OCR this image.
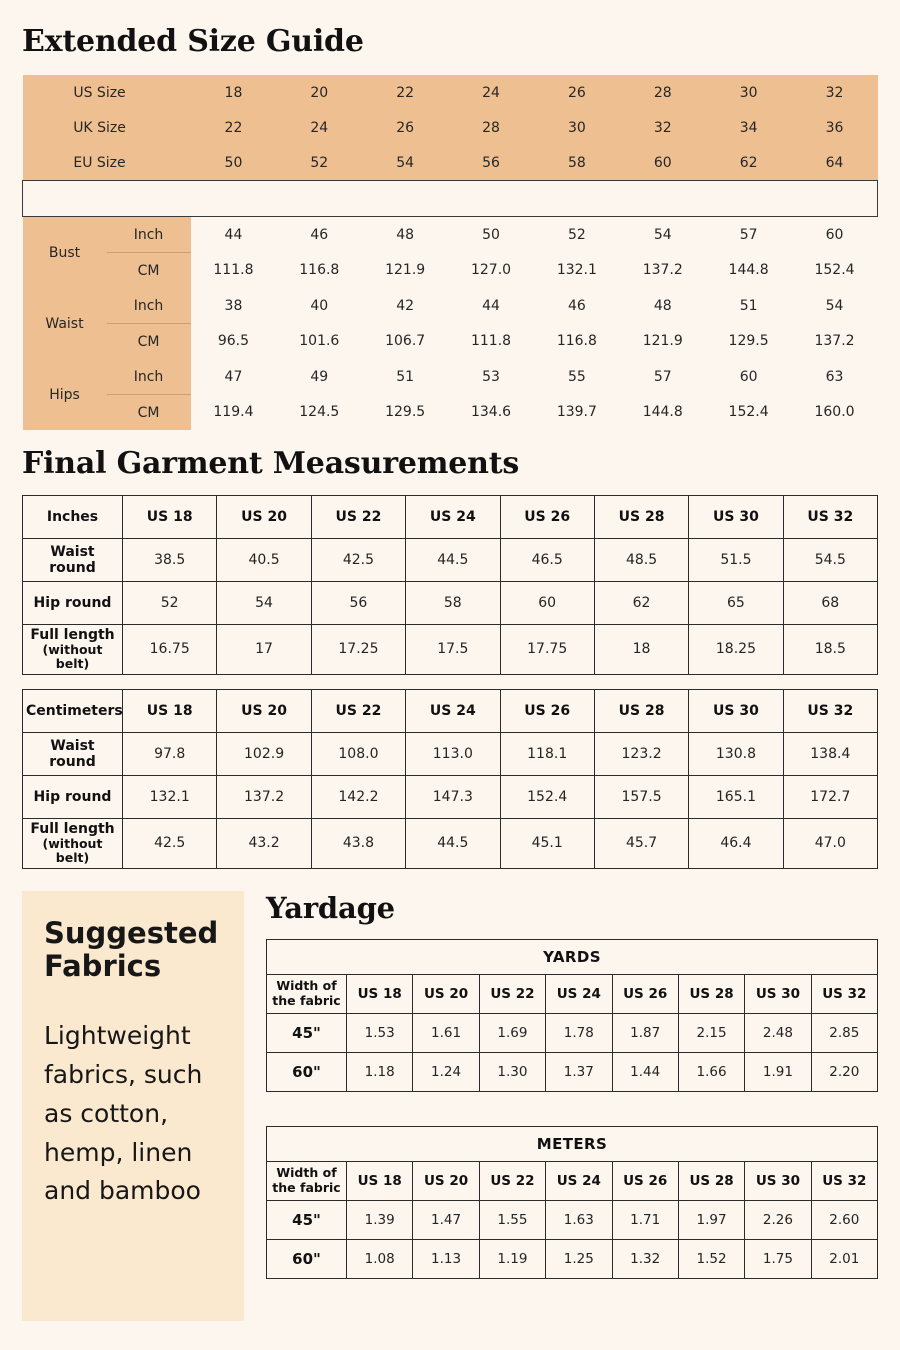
Extended Size Guide
US Size		18	20	22	24	26	28	30	32
UK Size		22	24	26	28	30	32	34	36
EU Size		50	52	54	56	58	60	62	64

Bust	Inch	44	46	48	50	52	54	57	60
	CM	111.8	116.8	121.9	127.0	132.1	137.2	144.8	152.4
Waist	Inch	38	40	42	44	46	48	51	54
	CM	96.5	101.6	106.7	111.8	116.8	121.9	129.5	137.2
Hips	Inch	47	49	51	53	55	57	60	63
	CM	119.4	124.5	129.5	134.6	139.7	144.8	152.4	160.0
Final Garment Measurements
Inches	US 18	US 20	US 22	US 24	US 26	US 28	US 30	US 32
Waist round	38.5	40.5	42.5	44.5	46.5	48.5	51.5	54.5
Hip round	52	54	56	58	60	62	65	68
Full length
(without belt)	16.75	17	17.25	17.5	17.75	18	18.25	18.5
Centimeters	US 18	US 20	US 22	US 24	US 26	US 28	US 30	US 32
Waist round	97.8	102.9	108.0	113.0	118.1	123.2	130.8	138.4
Hip round	132.1	137.2	142.2	147.3	152.4	157.5	165.1	172.7
Full length
(without belt)	42.5	43.2	43.8	44.5	45.1	45.7	46.4	47.0
Suggested Fabrics

Lightweight fabrics, such as cotton, hemp, linen and bamboo

Yardage
YARDS								
Width of the fabric	US 18	US 20	US 22	US 24	US 26	US 28	US 30	US 32
45"	1.53	1.61	1.69	1.78	1.87	2.15	2.48	2.85
60"	1.18	1.24	1.30	1.37	1.44	1.66	1.91	2.20
METERS								
Width of the fabric	US 18	US 20	US 22	US 24	US 26	US 28	US 30	US 32
45"	1.39	1.47	1.55	1.63	1.71	1.97	2.26	2.60
60"	1.08	1.13	1.19	1.25	1.32	1.52	1.75	2.01
